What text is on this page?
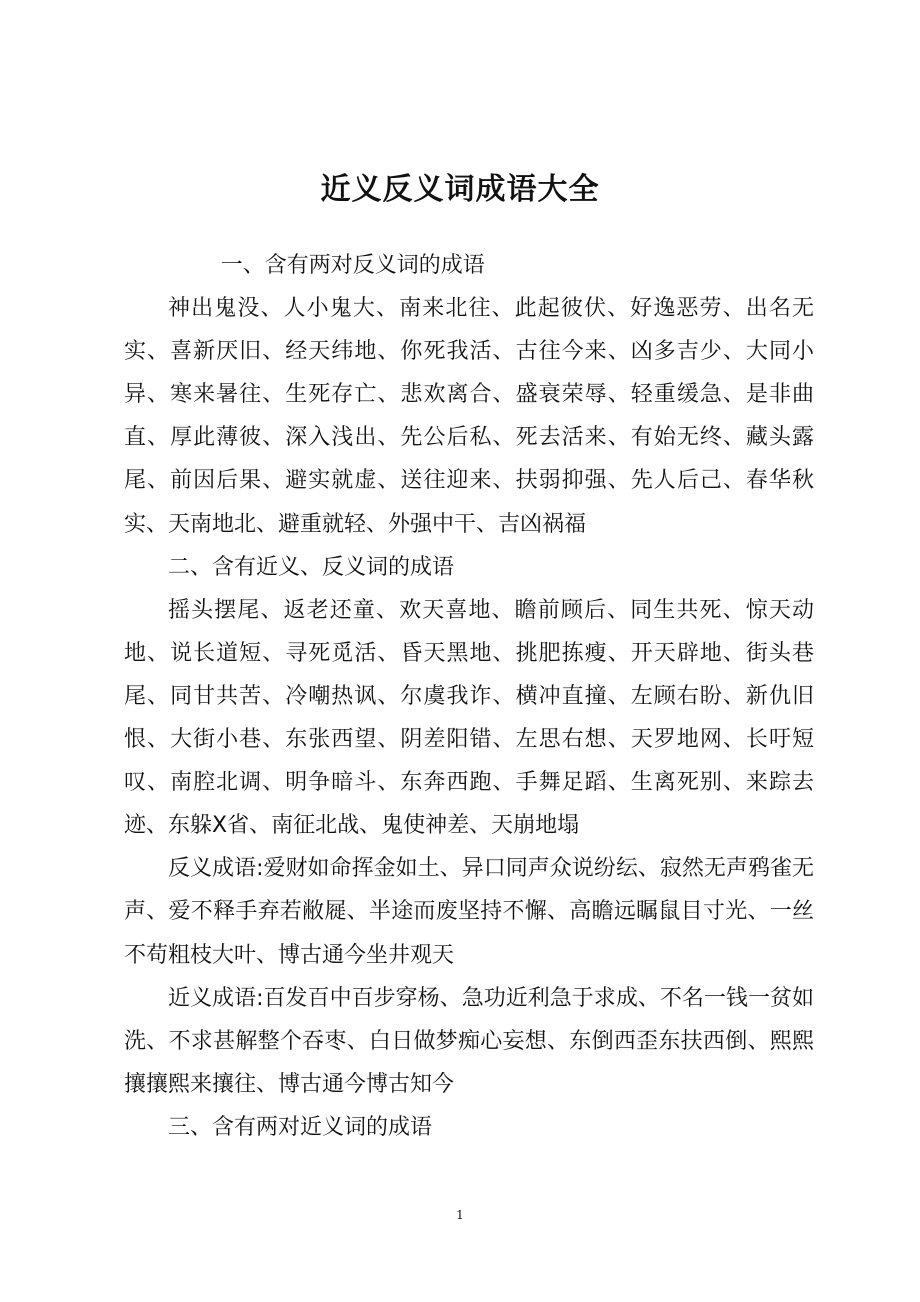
近义反义词成语大全

一、含有两对反义词的成语

神出鬼没、人小鬼大、南来北往、此起彼伏、好逸恶劳、出名无实、喜新厌旧、经天纬地、你死我活、古往今来、凶多吉少、大同小异、寒来暑往、生死存亡、悲欢离合、盛衰荣辱、轻重缓急、是非曲直、厚此薄彼、深入浅出、先公后私、死去活来、有始无终、藏头露尾、前因后果、避实就虚、送往迎来、扶弱抑强、先人后己、春华秋实、天南地北、避重就轻、外强中干、吉凶祸福

二、含有近义、反义词的成语

摇头摆尾、返老还童、欢天喜地、瞻前顾后、同生共死、惊天动地、说长道短、寻死觅活、昏天黑地、挑肥拣瘦、开天辟地、街头巷尾、同甘共苦、冷嘲热讽、尔虞我诈、横冲直撞、左顾右盼、新仇旧恨、大街小巷、东张西望、阴差阳错、左思右想、天罗地网、长吁短叹、南腔北调、明争暗斗、东奔西跑、手舞足蹈、生离死别、来踪去迹、东躲X省、南征北战、鬼使神差、天崩地塌

反义成语:爱财如命挥金如土、异口同声众说纷纭、寂然无声鸦雀无声、爱不释手弃若敝屣、半途而废坚持不懈、高瞻远瞩鼠目寸光、一丝不苟粗枝大叶、博古通今坐井观天

近义成语:百发百中百步穿杨、急功近利急于求成、不名一钱一贫如洗、不求甚解整个吞枣、白日做梦痴心妄想、东倒西歪东扶西倒、熙熙攘攘熙来攘往、博古通今博古知今

三、含有两对近义词的成语

1
